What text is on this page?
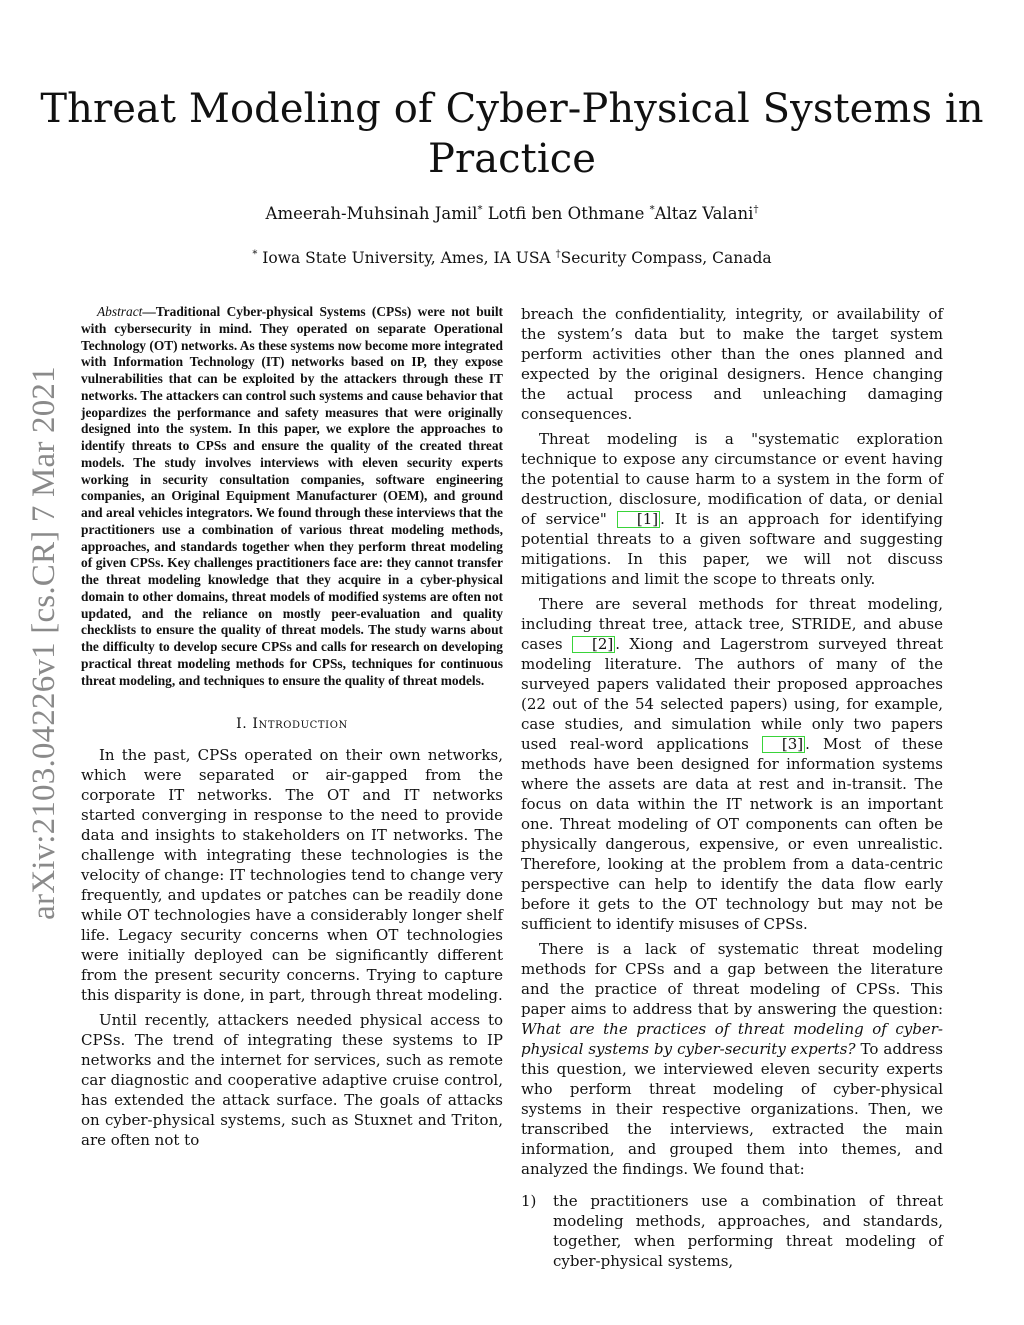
Threat Modeling of Cyber-Physical Systems in Practice
Ameerah-Muhsinah Jamil* Lotfi ben Othmane *Altaz Valani†
* Iowa State University, Ames, IA USA †Security Compass, Canada
arXiv:2103.04226v1 [cs.CR] 7 Mar 2021

Abstract—Traditional Cyber-physical Systems (CPSs) were not built with cybersecurity in mind. They operated on separate Operational Technology (OT) networks. As these systems now become more integrated with Information Technology (IT) networks based on IP, they expose vulnerabilities that can be exploited by the attackers through these IT networks. The attackers can control such systems and cause behavior that jeopardizes the performance and safety measures that were originally designed into the system. In this paper, we explore the approaches to identify threats to CPSs and ensure the quality of the created threat models. The study involves interviews with eleven security experts working in security consultation companies, software engineering companies, an Original Equipment Manufacturer (OEM), and ground and areal vehicles integrators. We found through these interviews that the practitioners use a combination of various threat modeling methods, approaches, and standards together when they perform threat modeling of given CPSs. Key challenges practitioners face are: they cannot transfer the threat modeling knowledge that they acquire in a cyber-physical domain to other domains, threat models of modified systems are often not updated, and the reliance on mostly peer-evaluation and quality checklists to ensure the quality of threat models. The study warns about the difficulty to develop secure CPSs and calls for research on developing practical threat modeling methods for CPSs, techniques for continuous threat modeling, and techniques to ensure the quality of threat models.

I. Introduction

In the past, CPSs operated on their own networks, which were separated or air-gapped from the corporate IT networks. The OT and IT networks started converging in response to the need to provide data and insights to stakeholders on IT networks. The challenge with integrating these technologies is the velocity of change: IT technologies tend to change very frequently, and updates or patches can be readily done while OT technologies have a considerably longer shelf life. Legacy security concerns when OT technologies were initially deployed can be significantly different from the present security concerns. Trying to capture this disparity is done, in part, through threat modeling.

Until recently, attackers needed physical access to CPSs. The trend of integrating these systems to IP networks and the internet for services, such as remote car diagnostic and cooperative adaptive cruise control, has extended the attack surface. The goals of attacks on cyber-physical systems, such as Stuxnet and Triton, are often not to

breach the confidentiality, integrity, or availability of the system’s data but to make the target system perform activities other than the ones planned and expected by the original designers. Hence changing the actual process and unleaching damaging consequences.

Threat modeling is a "systematic exploration technique to expose any circumstance or event having the potential to cause harm to a system in the form of destruction, disclosure, modification of data, or denial of service" [1] . It is an approach for identifying potential threats to a given software and suggesting mitigations. In this paper, we will not discuss mitigations and limit the scope to threats only.

There are several methods for threat modeling, including threat tree, attack tree, STRIDE, and abuse cases [2] . Xiong and Lagerstrom surveyed threat modeling literature. The authors of many of the surveyed papers validated their proposed approaches (22 out of the 54 selected papers) using, for example, case studies, and simulation while only two papers used real-word applications [3] . Most of these methods have been designed for information systems where the assets are data at rest and in-transit. The focus on data within the IT network is an important one. Threat modeling of OT components can often be physically dangerous, expensive, or even unrealistic. Therefore, looking at the problem from a data-centric perspective can help to identify the data flow early before it gets to the OT technology but may not be sufficient to identify misuses of CPSs.

There is a lack of systematic threat modeling methods for CPSs and a gap between the literature and the practice of threat modeling of CPSs. This paper aims to address that by answering the question: What are the practices of threat modeling of cyber-physical systems by cyber-security experts? To address this question, we interviewed eleven security experts who perform threat modeling of cyber-physical systems in their respective organizations. Then, we transcribed the interviews, extracted the main information, and grouped them into themes, and analyzed the findings. We found that:

1)	the practitioners use a combination of threat modeling methods, approaches, and standards, together, when performing threat modeling of cyber-physical systems,
